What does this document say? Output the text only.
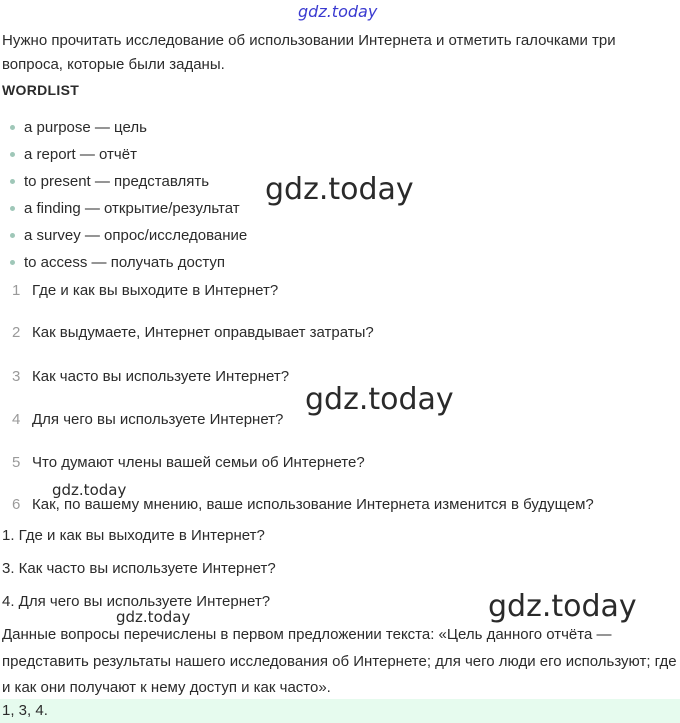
gdz.today
Нужно прочитать исследование об использовании Интернета и отметить галочками три вопроса, которые были заданы.
WORDLIST
a purpose — цель
a report — отчёт
to present — представлять
a finding — открытие/результат
a survey — опрос/исследование
to access — получать доступ
1 Где и как вы выходите в Интернет?
2 Как выдумаете, Интернет оправдывает затраты?
3 Как часто вы используете Интернет?
4 Для чего вы используете Интернет?
5 Что думают члены вашей семьи об Интернете?
6 Как, по вашему мнению, ваше использование Интернета изменится в будущем?
1. Где и как вы выходите в Интернет?
3. Как часто вы используете Интернет?
4. Для чего вы используете Интернет?
Данные вопросы перечислены в первом предложении текста: «Цель данного отчёта — представить результаты нашего исследования об Интернете; для чего люди его используют; где и как они получают к нему доступ и как часто».
1, 3, 4.
gdz.today
gdz.today
gdz.today
gdz.today
gdz.today
